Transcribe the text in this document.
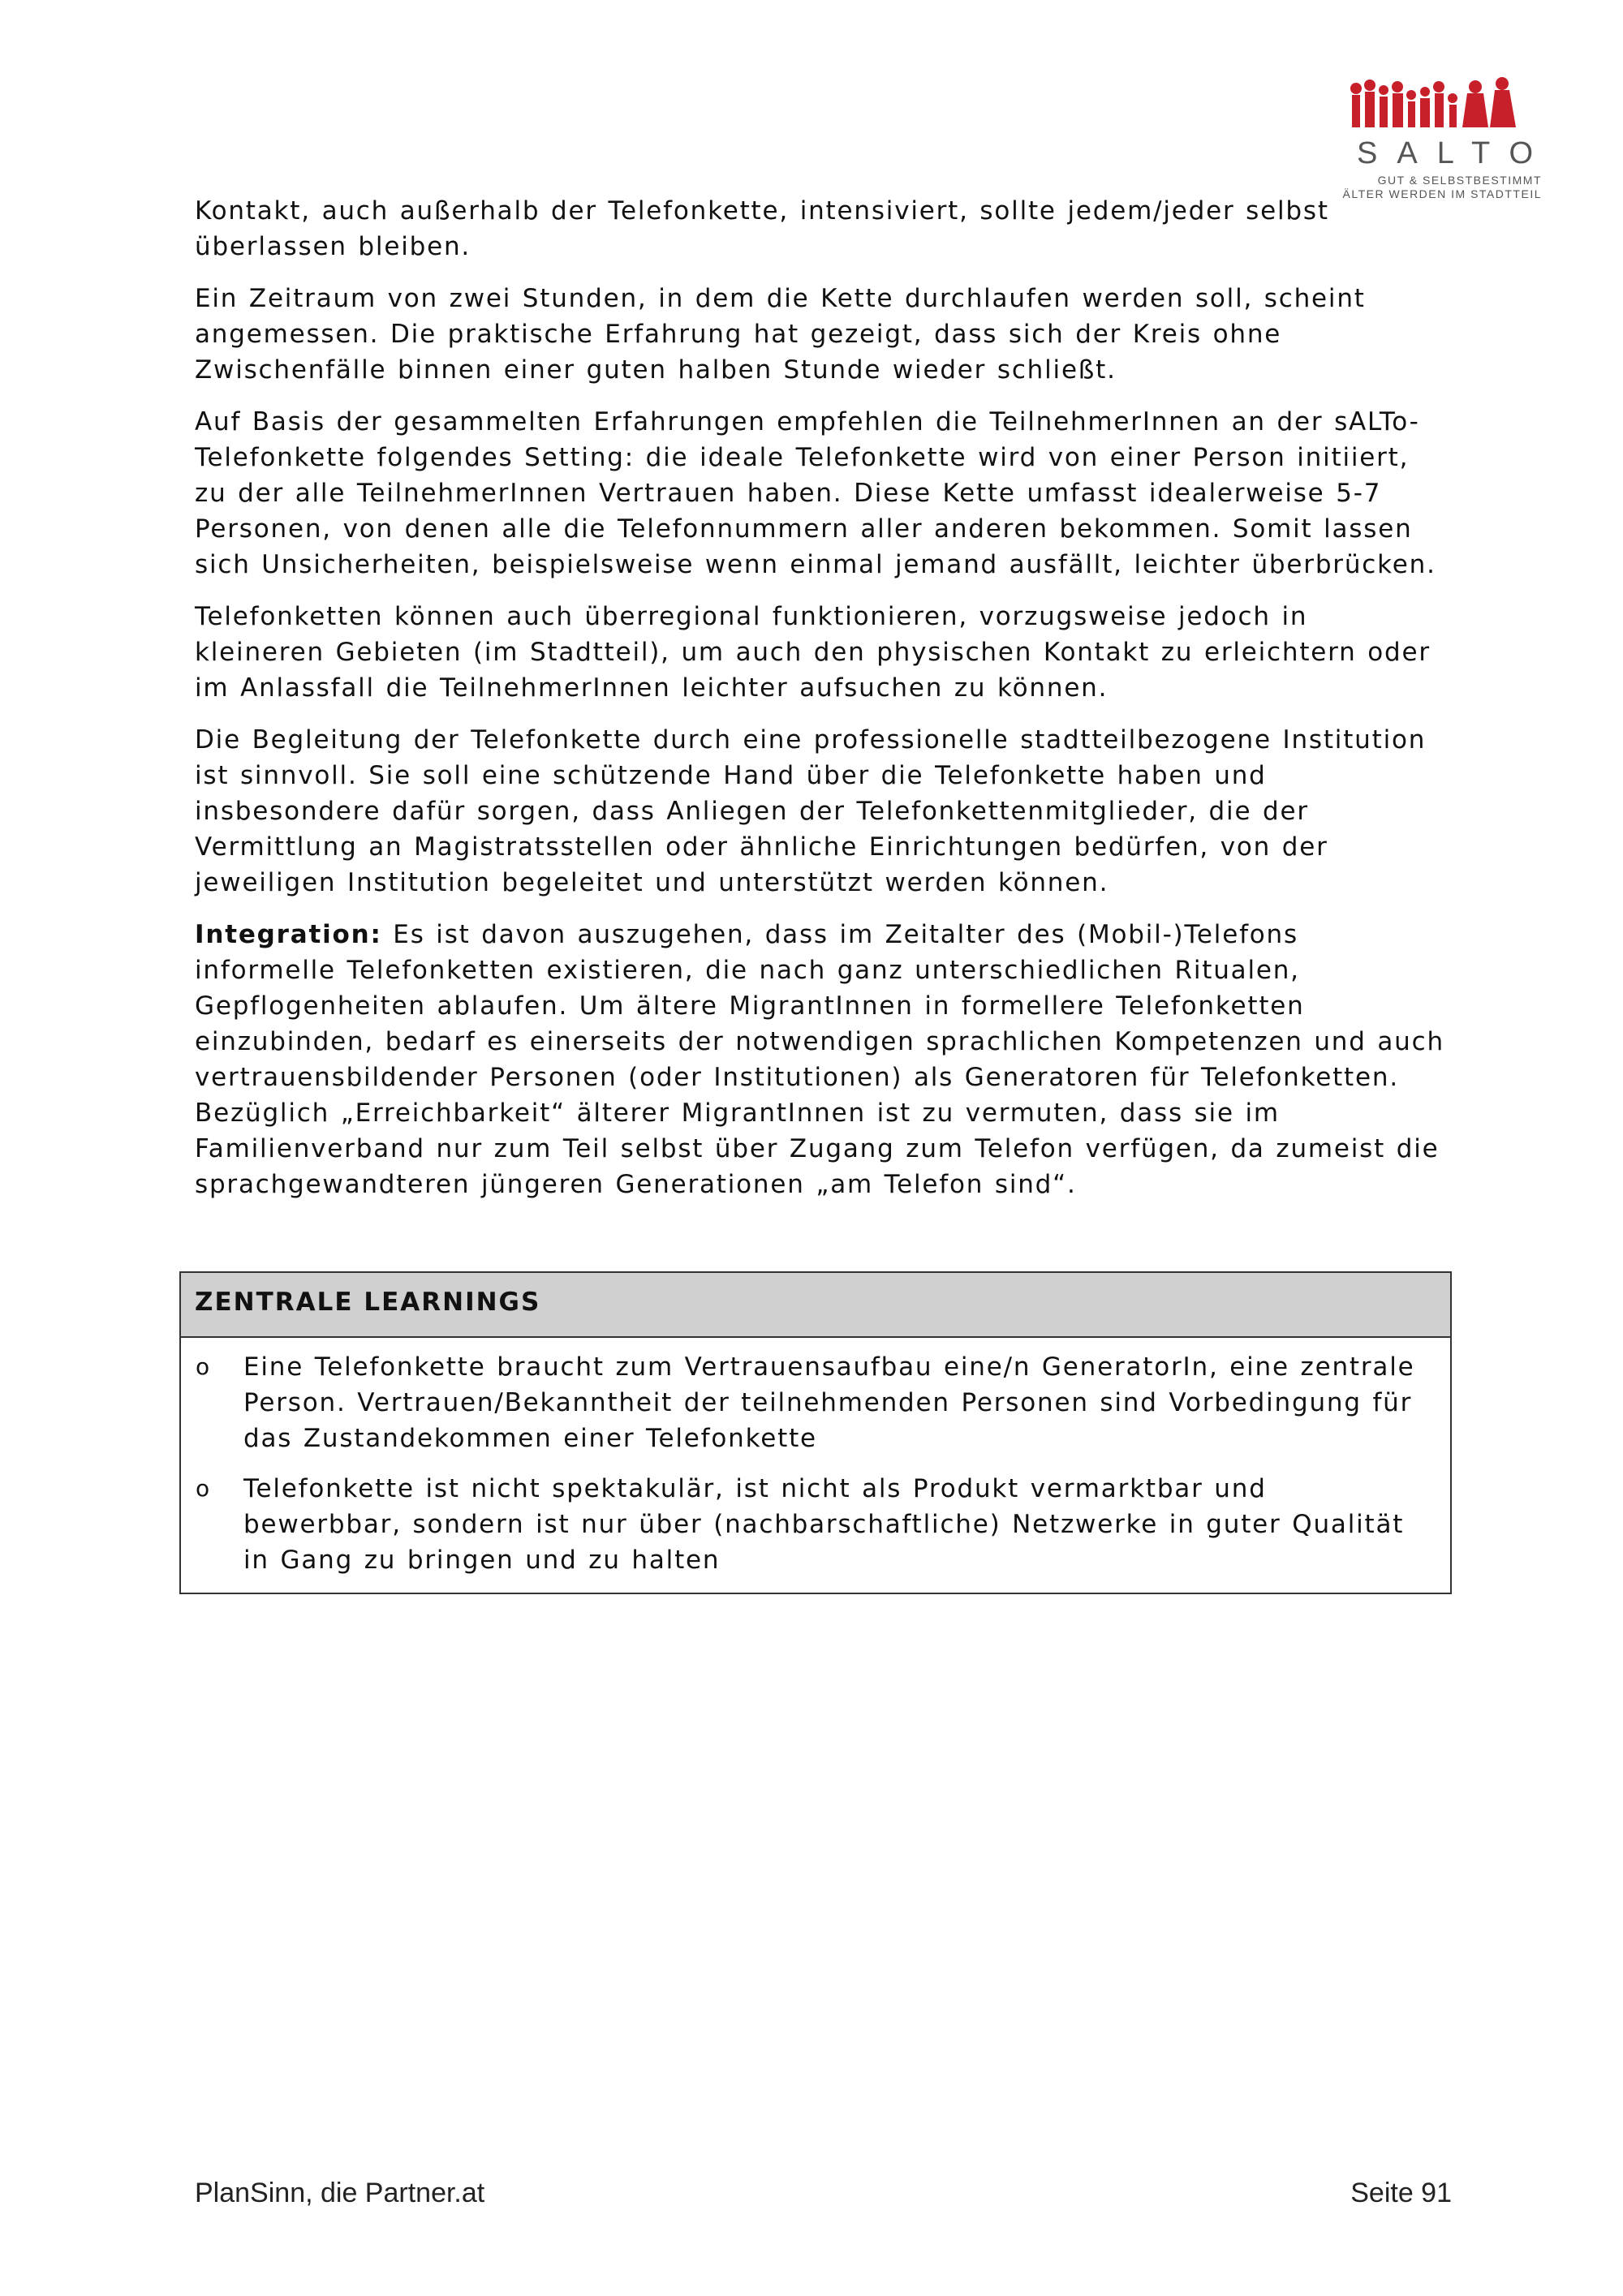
SALTO
GUT & SELBSTBESTIMMT
ÄLTER WERDEN IM STADTTEIL

Kontakt, auch außerhalb der Telefonkette, intensiviert, sollte jedem/jeder selbst überlassen bleiben.

Ein Zeitraum von zwei Stunden, in dem die Kette durchlaufen werden soll, scheint angemessen. Die praktische Erfahrung hat gezeigt, dass sich der Kreis ohne Zwischenfälle binnen einer guten halben Stunde wieder schließt.

Auf Basis der gesammelten Erfahrungen empfehlen die TeilnehmerInnen an der sALTo-Telefonkette folgendes Setting: die ideale Telefonkette wird von einer Person initiiert, zu der alle TeilnehmerInnen Vertrauen haben. Diese Kette umfasst idealerweise 5-7 Personen, von denen alle die Telefonnummern aller anderen bekommen. Somit lassen sich Unsicherheiten, beispielsweise wenn einmal jemand ausfällt, leichter überbrücken.

Telefonketten können auch überregional funktionieren, vorzugsweise jedoch in kleineren Gebieten (im Stadtteil), um auch den physischen Kontakt zu erleichtern oder im Anlassfall die TeilnehmerInnen leichter aufsuchen zu können.

Die Begleitung der Telefonkette durch eine professionelle stadtteilbezogene Institution ist sinnvoll. Sie soll eine schützende Hand über die Telefonkette haben und insbesondere dafür sorgen, dass Anliegen der Telefonkettenmitglieder, die der Vermittlung an Magistratsstellen oder ähnliche Einrichtungen bedürfen, von der jeweiligen Institution begeleitet und unterstützt werden können.

Integration: Es ist davon auszugehen, dass im Zeitalter des (Mobil-)Telefons informelle Telefonketten existieren, die nach ganz unterschiedlichen Ritualen, Gepflogenheiten ablaufen. Um ältere MigrantInnen in formellere Telefonketten einzubinden, bedarf es einerseits der notwendigen sprachlichen Kompetenzen und auch vertrauensbildender Personen (oder Institutionen) als Generatoren für Telefonketten. Bezüglich „Erreichbarkeit“ älterer MigrantInnen ist zu vermuten, dass sie im Familienverband nur zum Teil selbst über Zugang zum Telefon verfügen, da zumeist die sprachgewandteren jüngeren Generationen „am Telefon sind“.

ZENTRALE LEARNINGS
o Eine Telefonkette braucht zum Vertrauensaufbau eine/n GeneratorIn, eine zentrale Person. Vertrauen/Bekanntheit der teilnehmenden Personen sind Vorbedingung für das Zustandekommen einer Telefonkette
o Telefonkette ist nicht spektakulär, ist nicht als Produkt vermarktbar und bewerbbar, sondern ist nur über (nachbarschaftliche) Netzwerke in guter Qualität in Gang zu bringen und zu halten
PlanSinn, die Partner.at	Seite 91
